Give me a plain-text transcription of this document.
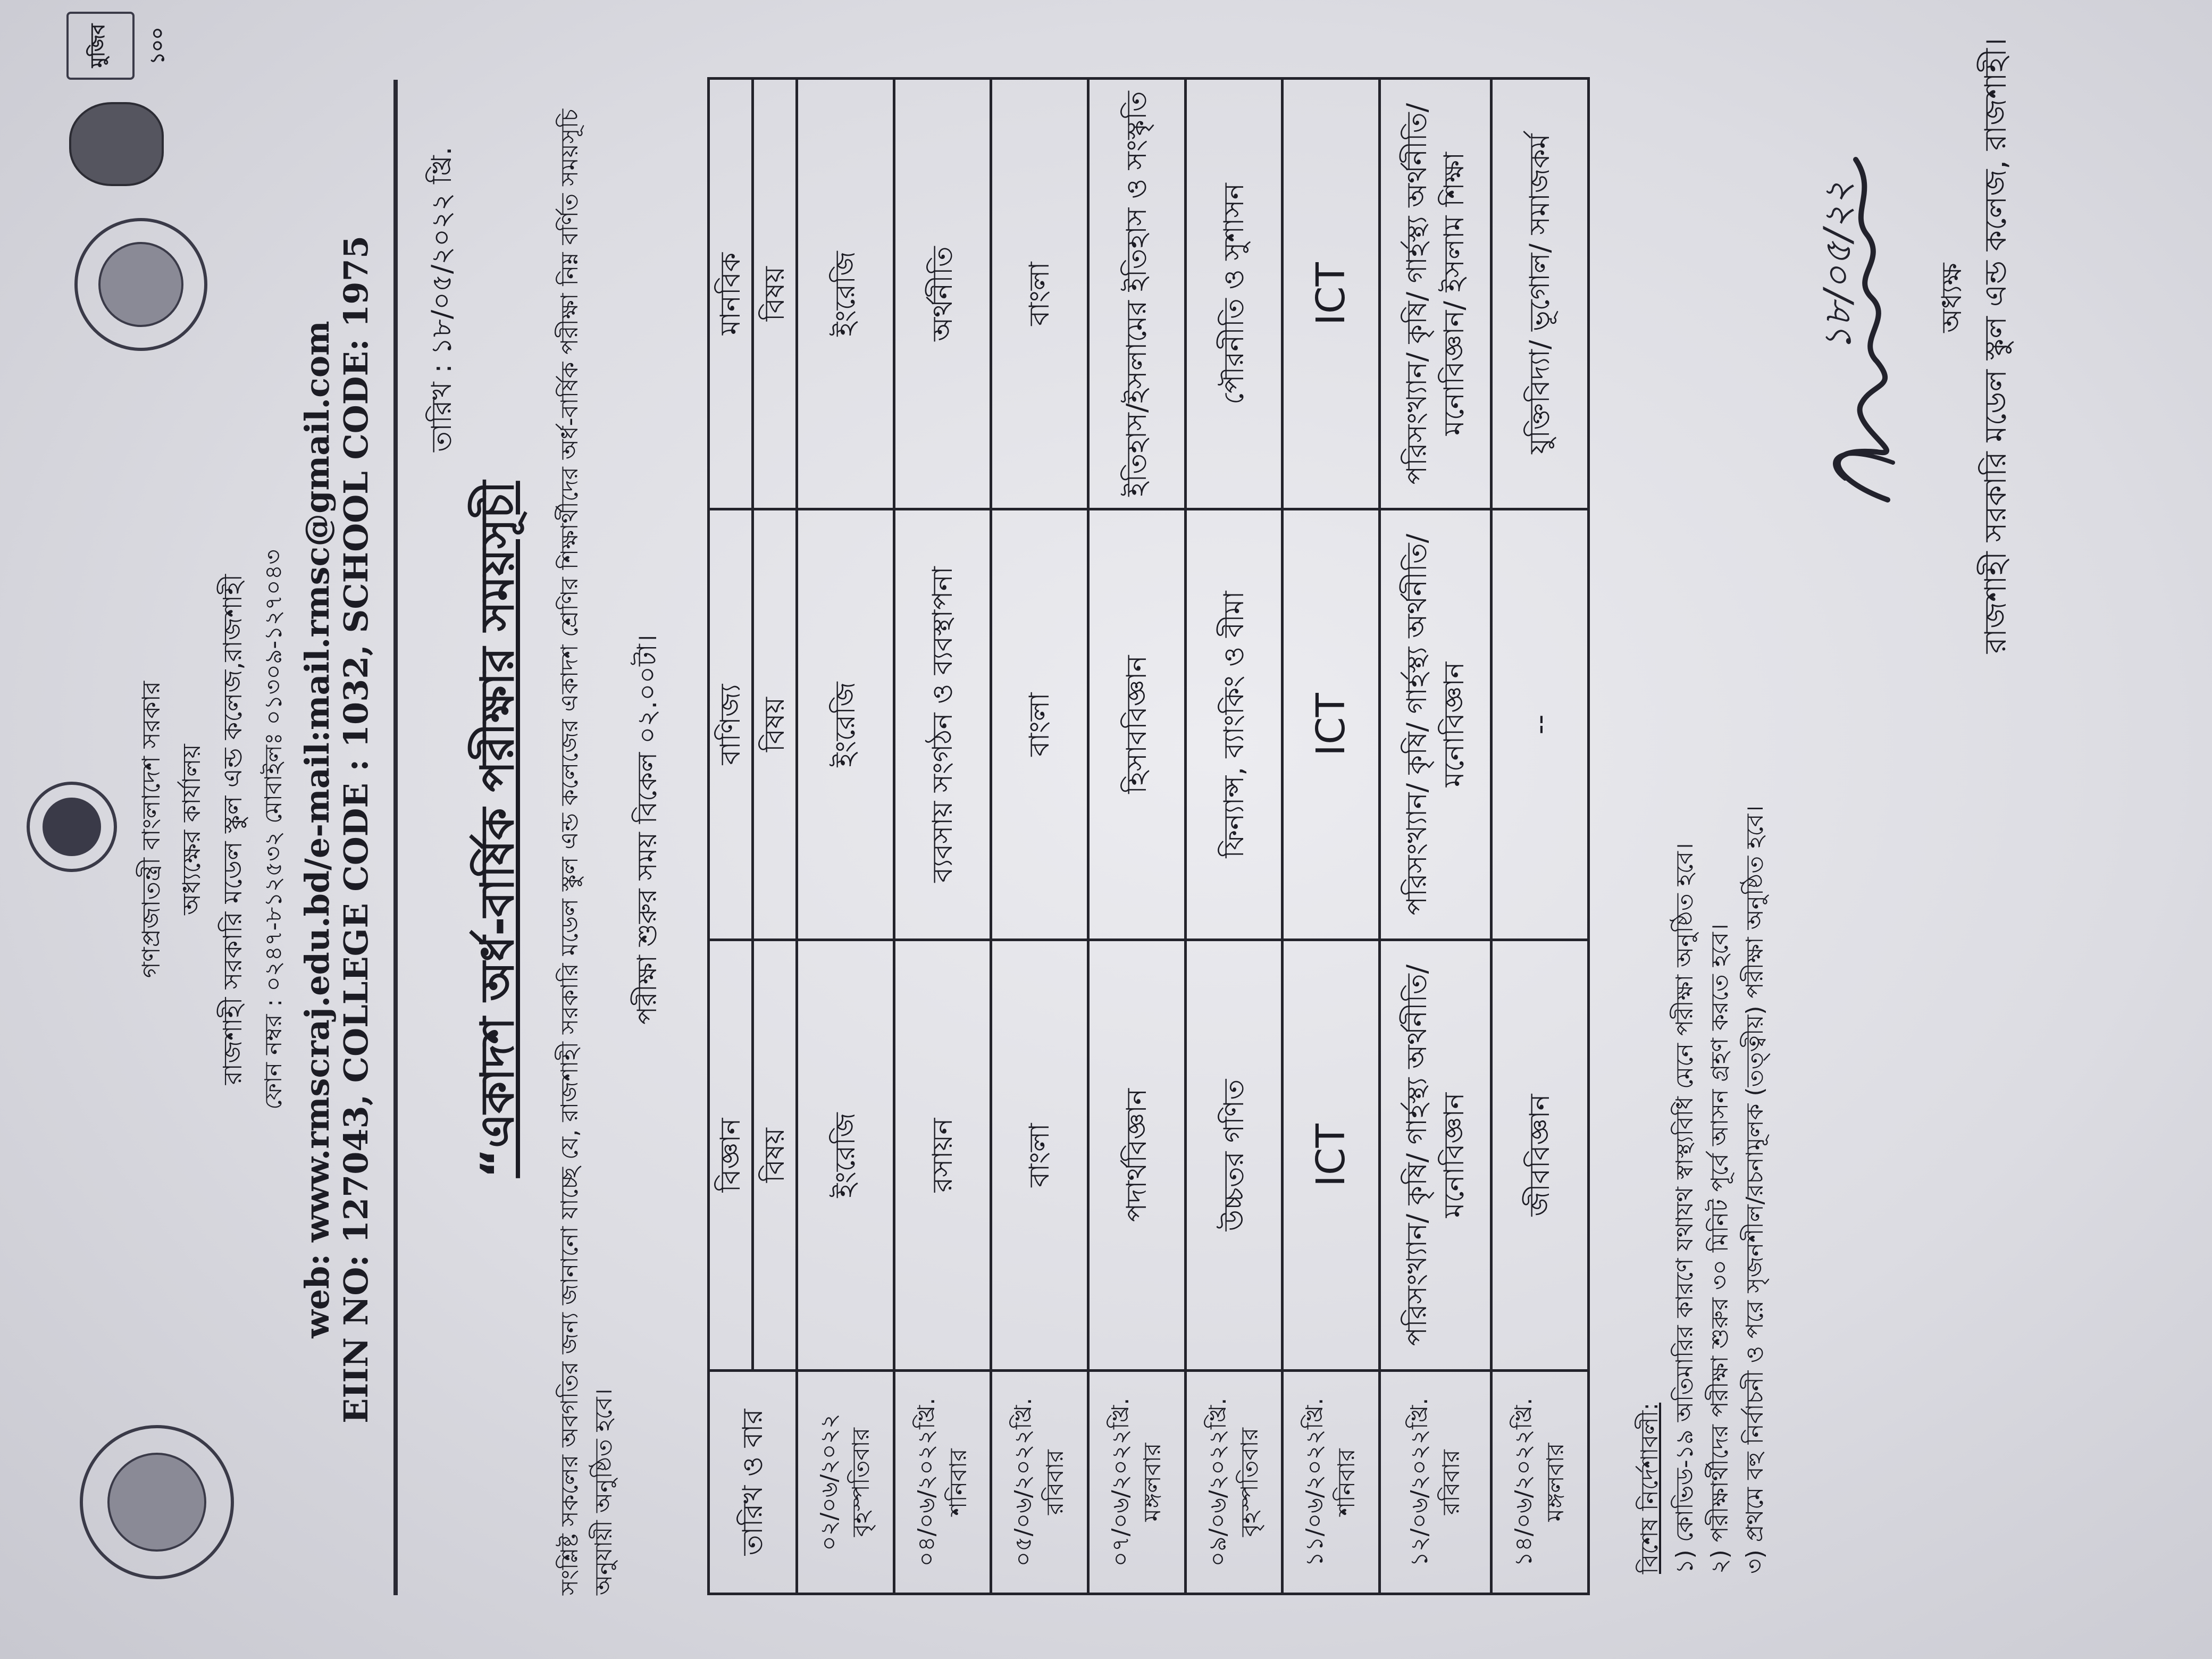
মুজিব ১০০
গণপ্রজাতন্ত্রী বাংলাদেশ সরকার অধ্যক্ষের কার্যালয় রাজশাহী সরকারি মডেল স্কুল এন্ড কলেজ,রাজশাহী ফোন নম্বর : ০২৪৭-৮১২৫৩২ মোবাইলঃ ০১৩০৯-১২৭০৪৩ web: www.rmscraj.edu.bd/e-mail:mail.rmsc@gmail.com EIIN NO: 127043, COLLEGE CODE : 1032, SCHOOL CODE: 1975 তারিখ : ১৮/০৫/২০২২ খ্রি.
“একাদশ অর্ধ-বার্ষিক পরীক্ষার সময়সূচী	সংশ্লিষ্ট সকলের অবগতির জন্য জানানো যাচ্ছে যে, রাজশাহী সরকারি মডেল স্কুল এন্ড কলেজের একাদশ শ্রেণির শিক্ষার্থীদের অর্ধ-বার্ষিক পরীক্ষা নিম্ন বর্ণিত সময়সূচি অনুযায়ী অনুষ্ঠিত হবে।
পরীক্ষা শুরুর সময় বিকেল ০২.০০টা।
তারিখ ও বার	বিজ্ঞান	বাণিজ্য	মানবিক
	বিষয়	বিষয়	বিষয়

০২/০৬/২০২২ বৃহস্পতিবার	ইংরেজি	ইংরেজি	ইংরেজি

০৪/০৬/২০২২খ্রি. শনিবার	রসায়ন	ব্যবসায় সংগঠন ও ব্যবস্থাপনা	অর্থনীতি

০৫/০৬/২০২২খ্রি. রবিবার	বাংলা	বাংলা	বাংলা

০৭/০৬/২০২২খ্রি. মঙ্গলবার	পদার্থবিজ্ঞান	হিসাববিজ্ঞান	ইতিহাস/ইসলামের ইতিহাস ও সংস্কৃতি

০৯/০৬/২০২২খ্রি. বৃহস্পতিবার	উচ্চতর গণিত	ফিন্যান্স, ব্যাংকিং ও বীমা	পৌরনীতি ও সুশাসন

১১/০৬/২০২২খ্রি. শনিবার	ICT	ICT	ICT

১২/০৬/২০২২খ্রি. রবিবার	পরিসংখ্যান/ কৃষি/ গার্হস্থ্য অর্থনীতি/মনোবিজ্ঞান	পরিসংখ্যান/ কৃষি/ গার্হস্থ্য অর্থনীতি/মনোবিজ্ঞান	পরিসংখ্যান/ কৃষি/ গার্হস্থ্য অর্থনীতি/ মনোবিজ্ঞান/ ইসলাম শিক্ষা

১৪/০৬/২০২২খ্রি. মঙ্গলবার	জীববিজ্ঞান	--	যুক্তিবিদ্যা/ ভূগোল/ সমাজকর্ম
বিশেষ নির্দেশাবলী: ১) কোভিড-১৯ অতিমারির কারণে যথাযথ স্বাস্থ্যবিধি মেনে পরীক্ষা অনুষ্ঠিত হবে। ২) পরীক্ষার্থীদের পরীক্ষা শুরুর ৩০ মিনিট পূর্বে আসন গ্রহণ করতে হবে। ৩) প্রথমে বহু নির্বাচনী ও পরে সৃজনশীল/রচনামূলক (তত্ত্বীয়) পরীক্ষা অনুষ্ঠিত হবে।
১৮/০৫/২২	অধ্যক্ষ রাজশাহী সরকারি মডেল স্কুল এন্ড কলেজ, রাজশাহী।
